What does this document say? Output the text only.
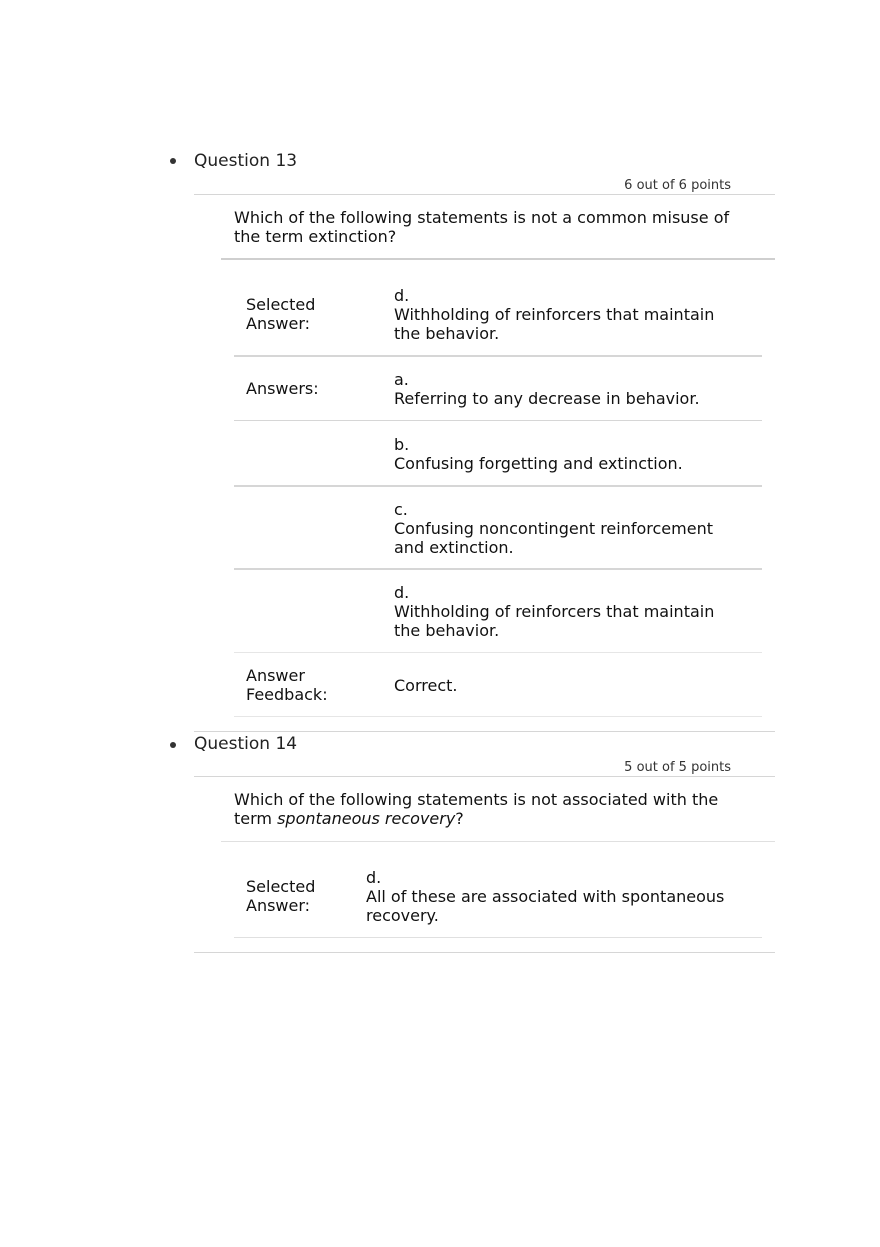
Question 13
6 out of 6 points
Which of the following statements is not a common misuse of the term extinction?
Selected
Answer:
d.
Withholding of reinforcers that maintain the behavior.
Answers:	a.
Referring to any decrease in behavior.
b.
Confusing forgetting and extinction.
c.
Confusing noncontingent reinforcement and extinction.
d.
Withholding of reinforcers that maintain the behavior.
Answer
Feedback:	Correct.
Question 14
5 out of 5 points
Which of the following statements is not associated with the term spontaneous recovery?
Selected
Answer:
d.
All of these are associated with spontaneous recovery.
